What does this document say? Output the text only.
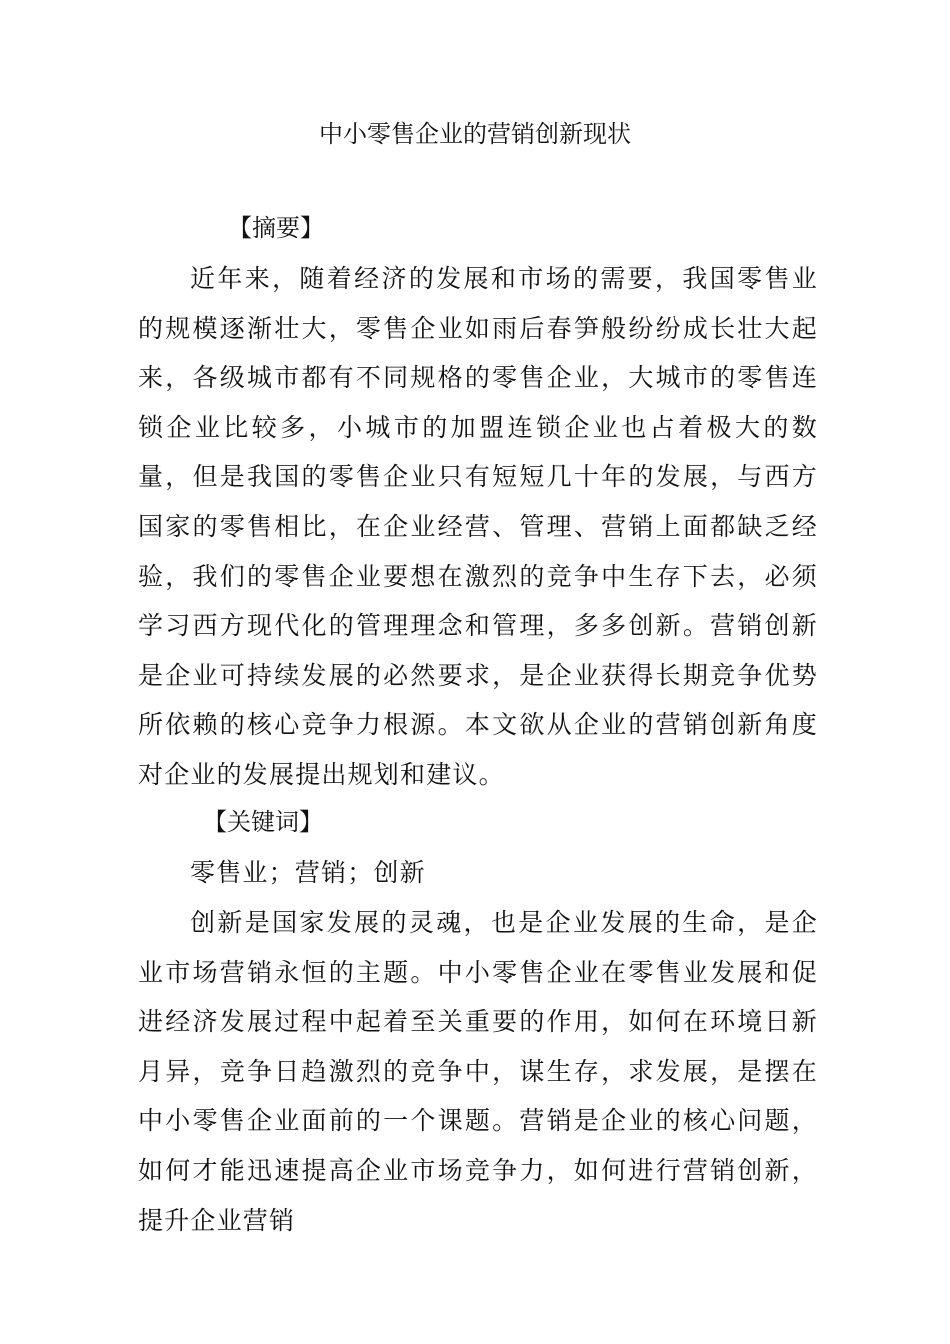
中小零售企业的营销创新现状
【摘要】

近年来，随着经济的发展和市场的需要，我国零售业的规模逐渐壮大，零售企业如雨后春笋般纷纷成长壮大起来，各级城市都有不同规格的零售企业，大城市的零售连锁企业比较多，小城市的加盟连锁企业也占着极大的数量，但是我国的零售企业只有短短几十年的发展，与西方国家的零售相比，在企业经营、管理、营销上面都缺乏经验，我们的零售企业要想在激烈的竞争中生存下去，必须学习西方现代化的管理理念和管理，多多创新。营销创新是企业可持续发展的必然要求，是企业获得长期竞争优势所依赖的核心竞争力根源。本文欲从企业的营销创新角度对企业的发展提出规划和建议。

【关键词】

零售业；营销；创新

创新是国家发展的灵魂，也是企业发展的生命，是企业市场营销永恒的主题。中小零售企业在零售业发展和促进经济发展过程中起着至关重要的作用，如何在环境日新月异，竞争日趋激烈的竞争中，谋生存，求发展，是摆在中小零售企业面前的一个课题。营销是企业的核心问题，如何才能迅速提高企业市场竞争力，如何进行营销创新，提升企业营销
